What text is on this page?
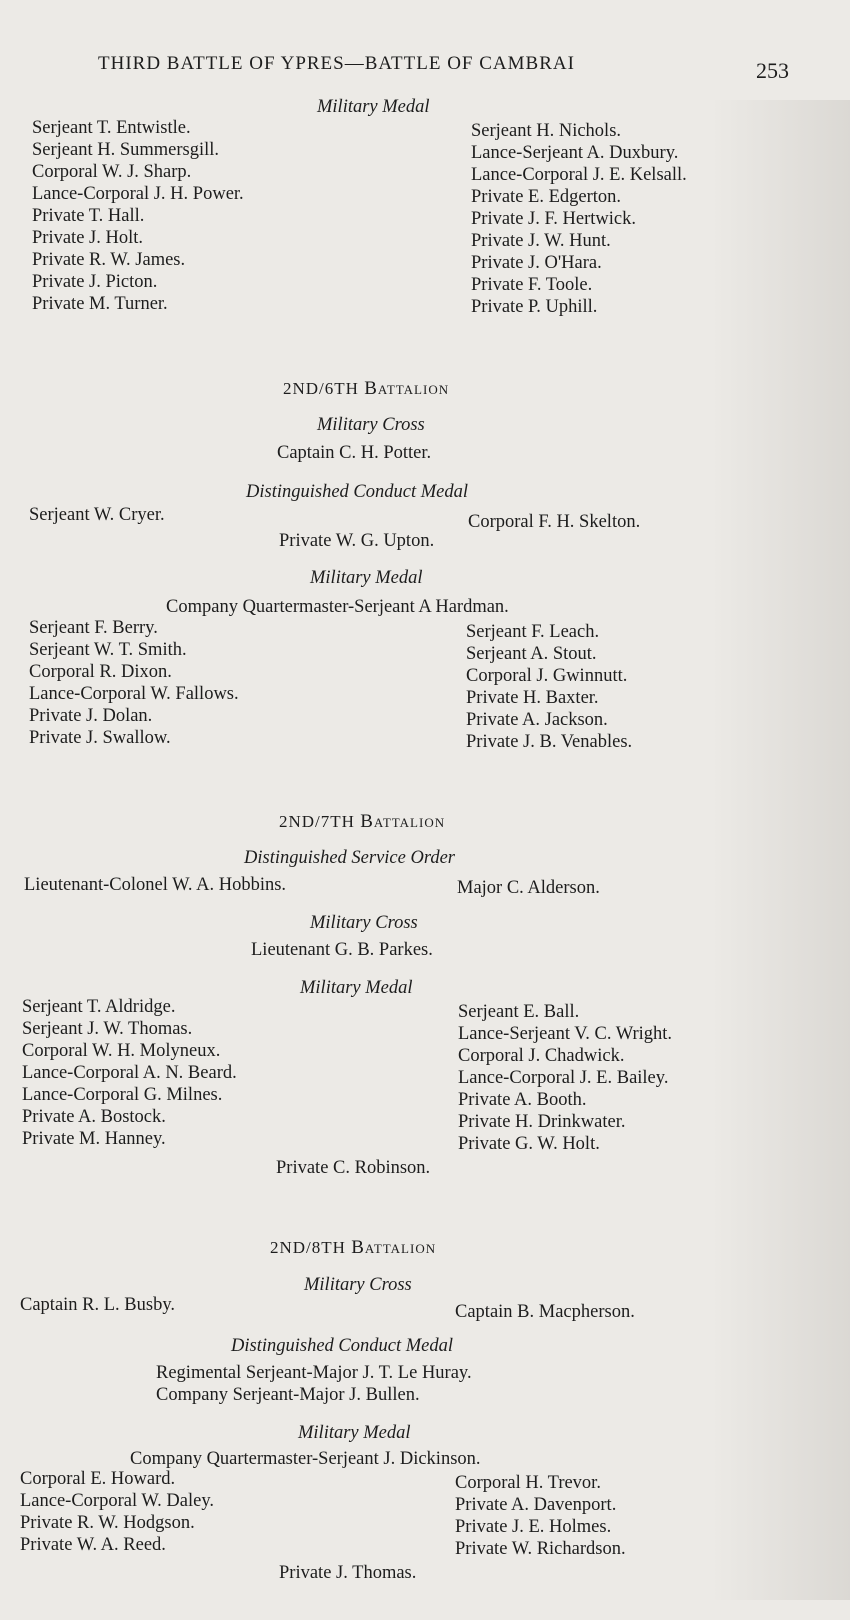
THIRD BATTLE OF YPRES—BATTLE OF CAMBRAI	253
Military Medal
Serjeant T. Entwistle.
Serjeant H. Summersgill.
Corporal W. J. Sharp.
Lance-Corporal J. H. Power.
Private T. Hall.
Private J. Holt.
Private R. W. James.
Private J. Picton.
Private M. Turner.
Serjeant H. Nichols.
Lance-Serjeant A. Duxbury.
Lance-Corporal J. E. Kelsall.
Private E. Edgerton.
Private J. F. Hertwick.
Private J. W. Hunt.
Private J. O'Hara.
Private F. Toole.
Private P. Uphill.
2ND/6TH Battalion
Military Cross
Captain C. H. Potter.
Distinguished Conduct Medal
Serjeant W. Cryer.	Corporal F. H. Skelton.
Private W. G. Upton.
Military Medal
Company Quartermaster-Serjeant A Hardman.
Serjeant F. Berry.
Serjeant W. T. Smith.
Corporal R. Dixon.
Lance-Corporal W. Fallows.
Private J. Dolan.
Private J. Swallow.
Serjeant F. Leach.
Serjeant A. Stout.
Corporal J. Gwinnutt.
Private H. Baxter.
Private A. Jackson.
Private J. B. Venables.
2ND/7TH Battalion
Distinguished Service Order
Lieutenant-Colonel W. A. Hobbins.	Major C. Alderson.
Military Cross
Lieutenant G. B. Parkes.
Military Medal
Serjeant T. Aldridge.
Serjeant J. W. Thomas.
Corporal W. H. Molyneux.
Lance-Corporal A. N. Beard.
Lance-Corporal G. Milnes.
Private A. Bostock.
Private M. Hanney.
Serjeant E. Ball.
Lance-Serjeant V. C. Wright.
Corporal J. Chadwick.
Lance-Corporal J. E. Bailey.
Private A. Booth.
Private H. Drinkwater.
Private G. W. Holt.
Private C. Robinson.
2ND/8TH Battalion
Military Cross
Captain R. L. Busby.	Captain B. Macpherson.
Distinguished Conduct Medal
Regimental Serjeant-Major J. T. Le Huray.
Company Serjeant-Major J. Bullen.
Military Medal
Company Quartermaster-Serjeant J. Dickinson.
Corporal E. Howard.
Lance-Corporal W. Daley.
Private R. W. Hodgson.
Private W. A. Reed.
Corporal H. Trevor.
Private A. Davenport.
Private J. E. Holmes.
Private W. Richardson.
Private J. Thomas.
